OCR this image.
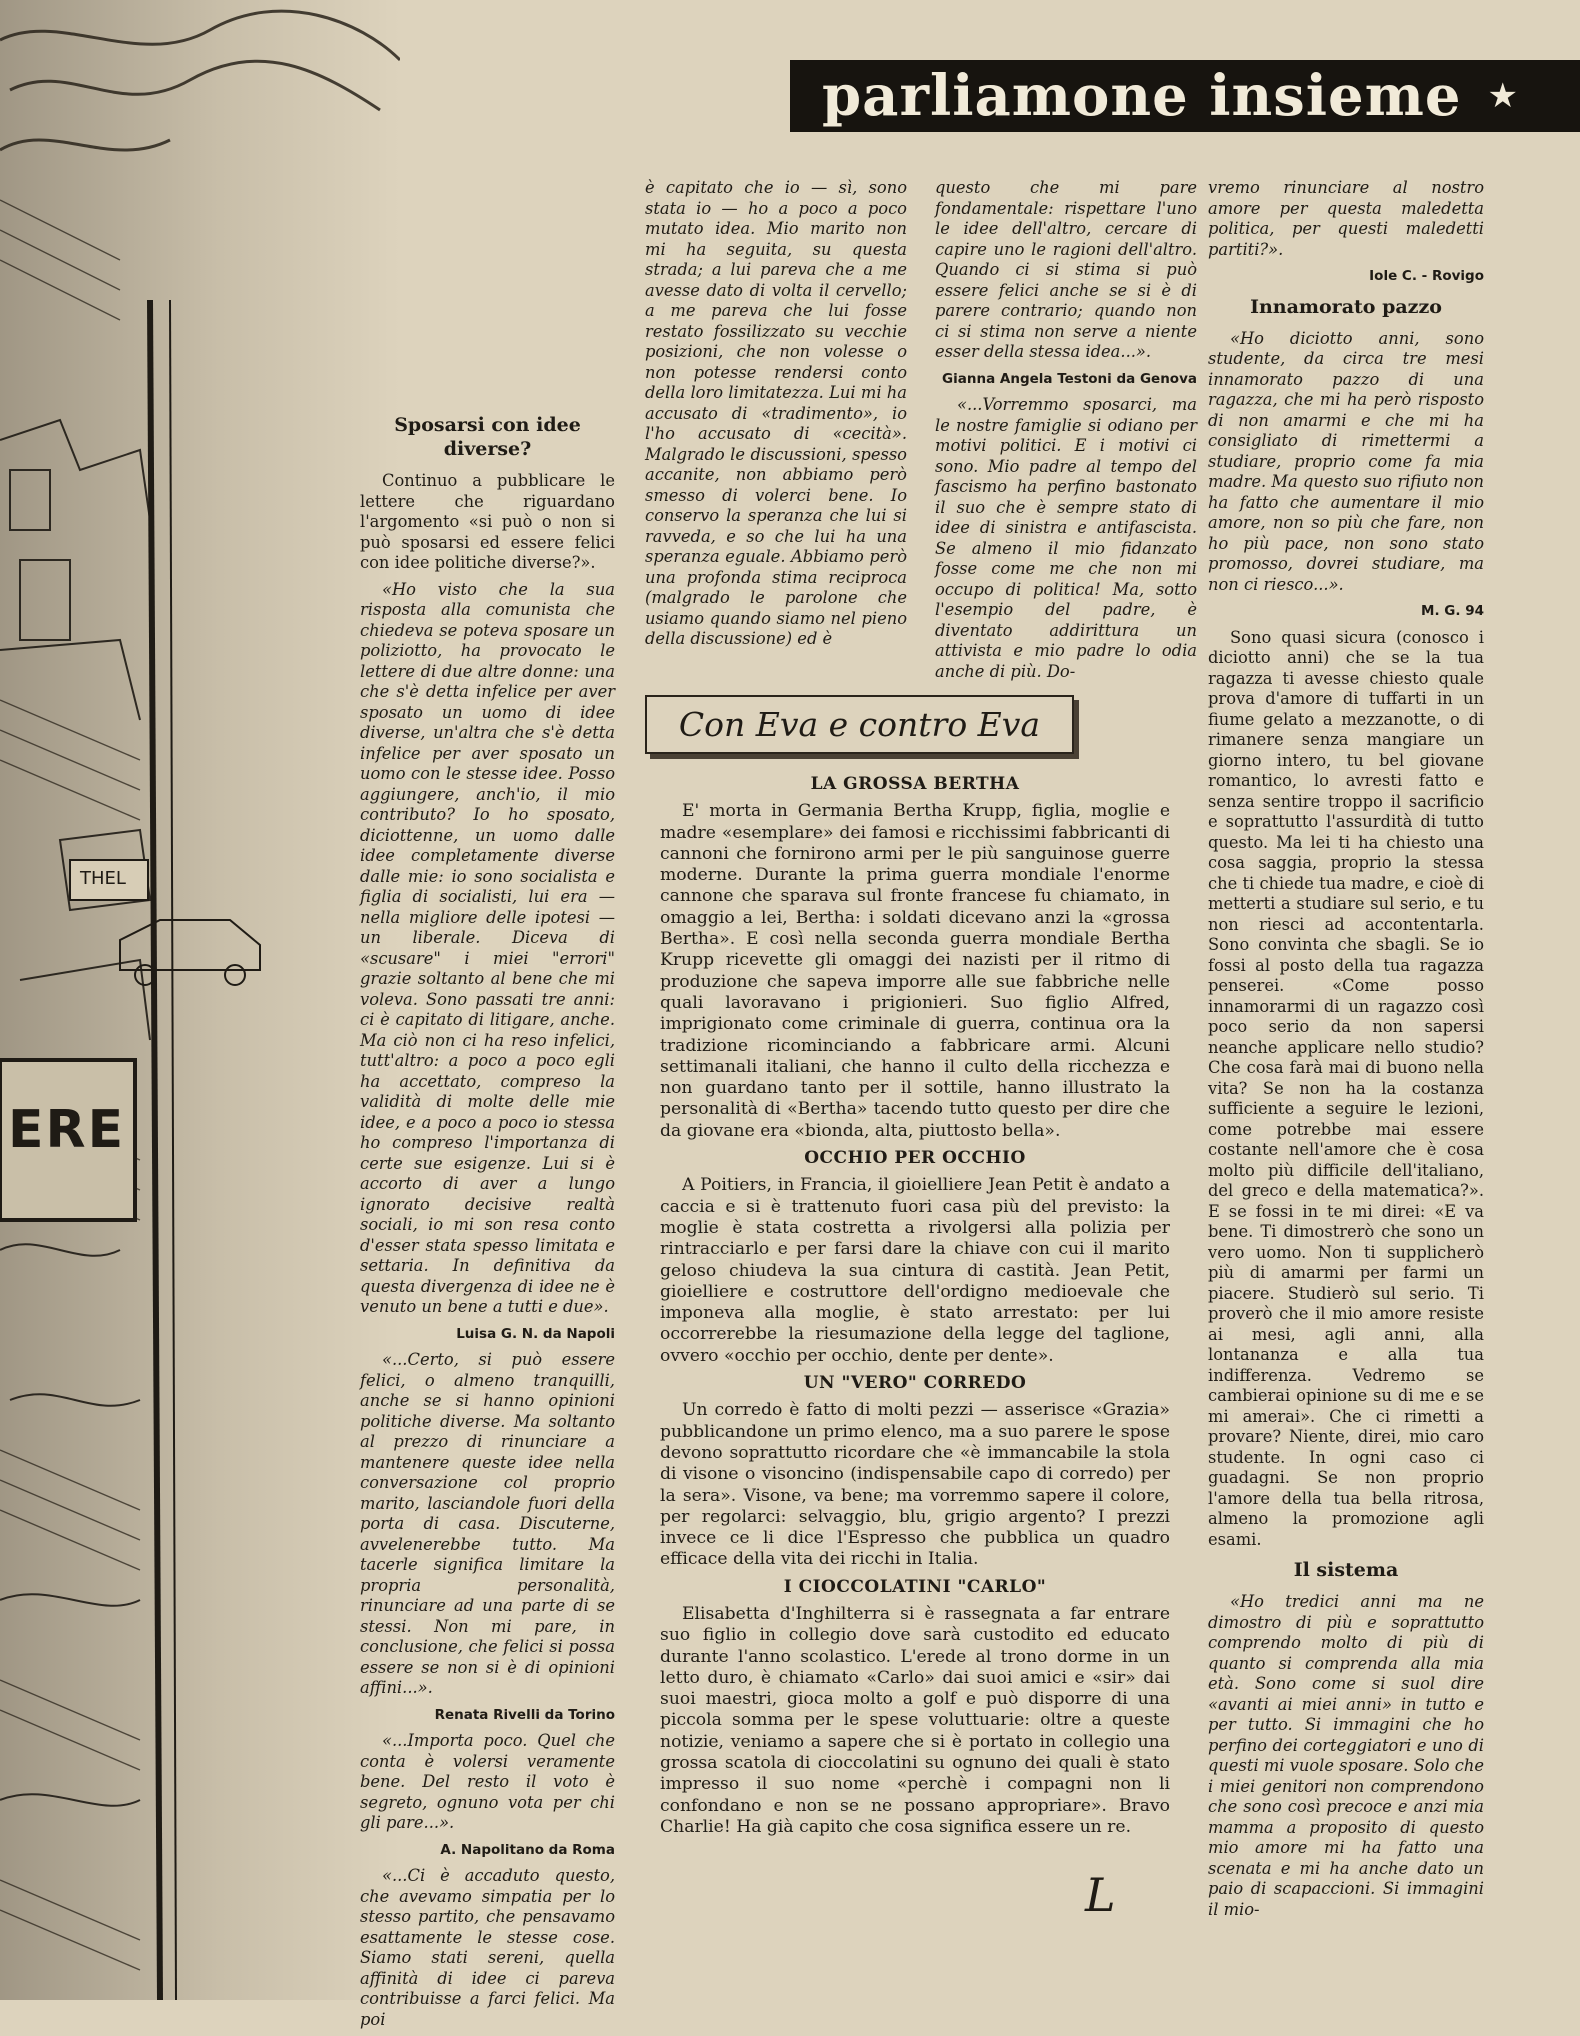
ERE
THEL
parliamone insieme ★
Sposarsi con idee diverse?

Continuo a pubblicare le lettere che riguardano l'argomento «si può o non si può sposarsi ed essere felici con idee politiche diverse?».

«Ho visto che la sua risposta alla comunista che chiedeva se poteva sposare un poliziotto, ha provocato le lettere di due altre donne: una che s'è detta infelice per aver sposato un uomo di idee diverse, un'altra che s'è detta infelice per aver sposato un uomo con le stesse idee. Posso aggiungere, anch'io, il mio contributo? Io ho sposato, diciottenne, un uomo dalle idee completamente diverse dalle mie: io sono socialista e figlia di socialisti, lui era — nella migliore delle ipotesi — un liberale. Diceva di «scusare" i miei "errori" grazie soltanto al bene che mi voleva. Sono passati tre anni: ci è capitato di litigare, anche. Ma ciò non ci ha reso infelici, tutt'altro: a poco a poco egli ha accettato, compreso la validità di molte delle mie idee, e a poco a poco io stessa ho compreso l'importanza di certe sue esigenze. Lui si è accorto di aver a lungo ignorato decisive realtà sociali, io mi son resa conto d'esser stata spesso limitata e settaria. In definitiva da questa divergenza di idee ne è venuto un bene a tutti e due».

Luisa G. N. da Napoli

«...Certo, si può essere felici, o almeno tranquilli, anche se si hanno opinioni politiche diverse. Ma soltanto al prezzo di rinunciare a mantenere queste idee nella conversazione col proprio marito, lasciandole fuori della porta di casa. Discuterne, avvelenerebbe tutto. Ma tacerle significa limitare la propria personalità, rinunciare ad una parte di se stessi. Non mi pare, in conclusione, che felici si possa essere se non si è di opinioni affini...».

Renata Rivelli da Torino

«...Importa poco. Quel che conta è volersi veramente bene. Del resto il voto è segreto, ognuno vota per chi gli pare...».

A. Napolitano da Roma

«...Ci è accaduto questo, che avevamo simpatia per lo stesso partito, che pensavamo esattamente le stesse cose. Siamo stati sereni, quella affinità di idee ci pareva contribuisse a farci felici. Ma poi

è capitato che io — sì, sono stata io — ho a poco a poco mutato idea. Mio marito non mi ha seguita, su questa strada; a lui pareva che a me avesse dato di volta il cervello; a me pareva che lui fosse restato fossilizzato su vecchie posizioni, che non volesse o non potesse rendersi conto della loro limitatezza. Lui mi ha accusato di «tradimento», io l'ho accusato di «cecità». Malgrado le discussioni, spesso accanite, non abbiamo però smesso di volerci bene. Io conservo la speranza che lui si ravveda, e so che lui ha una speranza eguale. Abbiamo però una profonda stima reciproca (malgrado le parolone che usiamo quando siamo nel pieno della discussione) ed è

questo che mi pare fondamentale: rispettare l'uno le idee dell'altro, cercare di capire uno le ragioni dell'altro. Quando ci si stima si può essere felici anche se si è di parere contrario; quando non ci si stima non serve a niente esser della stessa idea...».

Gianna Angela Testoni da Genova

«...Vorremmo sposarci, ma le nostre famiglie si odiano per motivi politici. E i motivi ci sono. Mio padre al tempo del fascismo ha perfino bastonato il suo che è sempre stato di idee di sinistra e antifascista. Se almeno il mio fidanzato fosse come me che non mi occupo di politica! Ma, sotto l'esempio del padre, è diventato addirittura un attivista e mio padre lo odia anche di più. Do-

vremo rinunciare al nostro amore per questa maledetta politica, per questi maledetti partiti?».

Iole C. - Rovigo

Innamorato pazzo

«Ho diciotto anni, sono studente, da circa tre mesi innamorato pazzo di una ragazza, che mi ha però risposto di non amarmi e che mi ha consigliato di rimettermi a studiare, proprio come fa mia madre. Ma questo suo rifiuto non ha fatto che aumentare il mio amore, non so più che fare, non ho più pace, non sono stato promosso, dovrei studiare, ma non ci riesco...».

M. G. 94

Sono quasi sicura (conosco i diciotto anni) che se la tua ragazza ti avesse chiesto quale prova d'amore di tuffarti in un fiume gelato a mezzanotte, o di rimanere senza mangiare un giorno intero, tu bel giovane romantico, lo avresti fatto e senza sentire troppo il sacrificio e soprattutto l'assurdità di tutto questo. Ma lei ti ha chiesto una cosa saggia, proprio la stessa che ti chiede tua madre, e cioè di metterti a studiare sul serio, e tu non riesci ad accontentarla. Sono convinta che sbagli. Se io fossi al posto della tua ragazza penserei. «Come posso innamorarmi di un ragazzo così poco serio da non sapersi neanche applicare nello studio? Che cosa farà mai di buono nella vita? Se non ha la costanza sufficiente a seguire le lezioni, come potrebbe mai essere costante nell'amore che è cosa molto più difficile dell'italiano, del greco e della matematica?». E se fossi in te mi direi: «E va bene. Ti dimostrerò che sono un vero uomo. Non ti supplicherò più di amarmi per farmi un piacere. Studierò sul serio. Ti proverò che il mio amore resiste ai mesi, agli anni, alla lontananza e alla tua indifferenza. Vedremo se cambierai opinione su di me e se mi amerai». Che ci rimetti a provare? Niente, direi, mio caro studente. In ogni caso ci guadagni. Se non proprio l'amore della tua bella ritrosa, almeno la promozione agli esami.

Il sistema

«Ho tredici anni ma ne dimostro di più e soprattutto comprendo molto di più di quanto si comprenda alla mia età. Sono come si suol dire «avanti ai miei anni» in tutto e per tutto. Si immagini che ho perfino dei corteggiatori e uno di questi mi vuole sposare. Solo che i miei genitori non comprendono che sono così precoce e anzi mia mamma a proposito di questo mio amore mi ha fatto una scenata e mi ha anche dato un paio di scapaccioni. Si immagini il mio-

Con Eva e contro Eva
LA GROSSA BERTHA

E' morta in Germania Bertha Krupp, figlia, moglie e madre «esemplare» dei famosi e ricchissimi fabbricanti di cannoni che fornirono armi per le più sanguinose guerre moderne. Durante la prima guerra mondiale l'enorme cannone che sparava sul fronte francese fu chiamato, in omaggio a lei, Bertha: i soldati dicevano anzi la «grossa Bertha». E così nella seconda guerra mondiale Bertha Krupp ricevette gli omaggi dei nazisti per il ritmo di produzione che sapeva imporre alle sue fabbriche nelle quali lavoravano i prigionieri. Suo figlio Alfred, imprigionato come criminale di guerra, continua ora la tradizione ricominciando a fabbricare armi. Alcuni settimanali italiani, che hanno il culto della ricchezza e non guardano tanto per il sottile, hanno illustrato la personalità di «Bertha» tacendo tutto questo per dire che da giovane era «bionda, alta, piuttosto bella».

OCCHIO PER OCCHIO

A Poitiers, in Francia, il gioielliere Jean Petit è andato a caccia e si è trattenuto fuori casa più del previsto: la moglie è stata costretta a rivolgersi alla polizia per rintracciarlo e per farsi dare la chiave con cui il marito geloso chiudeva la sua cintura di castità. Jean Petit, gioielliere e costruttore dell'ordigno medioevale che imponeva alla moglie, è stato arrestato: per lui occorrerebbe la riesumazione della legge del taglione, ovvero «occhio per occhio, dente per dente».

UN "VERO" CORREDO

Un corredo è fatto di molti pezzi — asserisce «Grazia» pubblicandone un primo elenco, ma a suo parere le spose devono soprattutto ricordare che «è immancabile la stola di visone o visoncino (indispensabile capo di corredo) per la sera». Visone, va bene; ma vorremmo sapere il colore, per regolarci: selvaggio, blu, grigio argento? I prezzi invece ce li dice l'Espresso che pubblica un quadro efficace della vita dei ricchi in Italia.

I CIOCCOLATINI "CARLO"

Elisabetta d'Inghilterra si è rassegnata a far entrare suo figlio in collegio dove sarà custodito ed educato durante l'anno scolastico. L'erede al trono dorme in un letto duro, è chiamato «Carlo» dai suoi amici e «sir» dai suoi maestri, gioca molto a golf e può disporre di una piccola somma per le spese voluttuarie: oltre a queste notizie, veniamo a sapere che si è portato in collegio una grossa scatola di cioccolatini su ognuno dei quali è stato impresso il suo nome «perchè i compagni non li confondano e non se ne possano appropriare». Bravo Charlie! Ha già capito che cosa significa essere un re.

L
